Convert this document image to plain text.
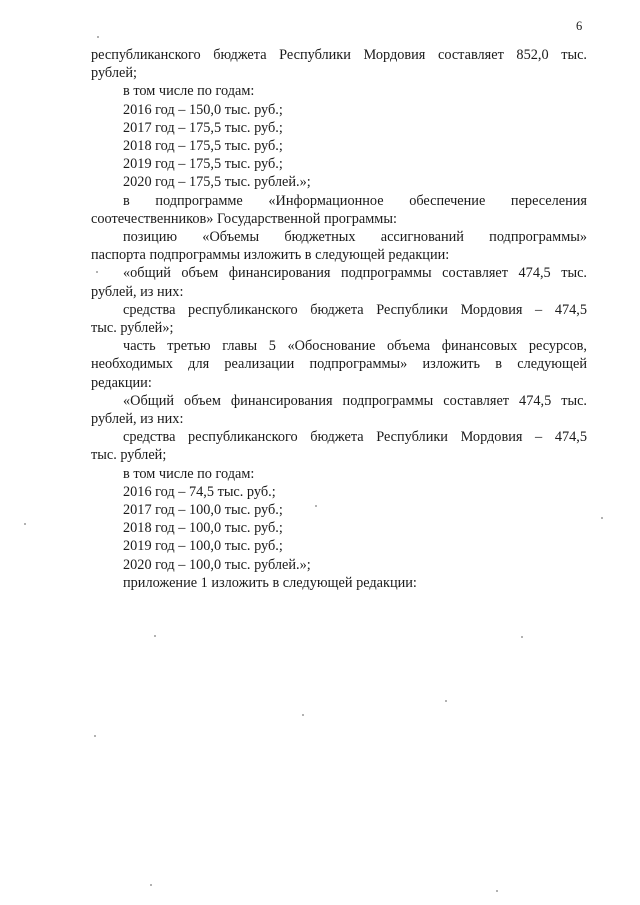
6
республиканского бюджета Республики Мордовия составляет 852,0 тыс.
рублей;
в том числе по годам:
2016 год – 150,0 тыс. руб.;
2017 год – 175,5 тыс. руб.;
2018 год – 175,5 тыс. руб.;
2019 год – 175,5 тыс. руб.;
2020 год – 175,5 тыс. рублей.»;
в подпрограмме «Информационное обеспечение переселения
соотечественников» Государственной программы:
позицию «Объемы бюджетных ассигнований подпрограммы»
паспорта подпрограммы изложить в следующей редакции:
«общий объем финансирования подпрограммы составляет 474,5 тыс.
рублей, из них:
средства республиканского бюджета Республики Мордовия – 474,5
тыс. рублей»;
часть третью главы 5 «Обоснование объема финансовых ресурсов,
необходимых для реализации подпрограммы» изложить в следующей
редакции:
«Общий объем финансирования подпрограммы составляет 474,5 тыс.
рублей, из них:
средства республиканского бюджета Республики Мордовия – 474,5
тыс. рублей;
в том числе по годам:
2016 год – 74,5 тыс. руб.;
2017 год – 100,0 тыс. руб.;
2018 год – 100,0 тыс. руб.;
2019 год – 100,0 тыс. руб.;
2020 год – 100,0 тыс. рублей.»;
приложение 1 изложить в следующей редакции:
